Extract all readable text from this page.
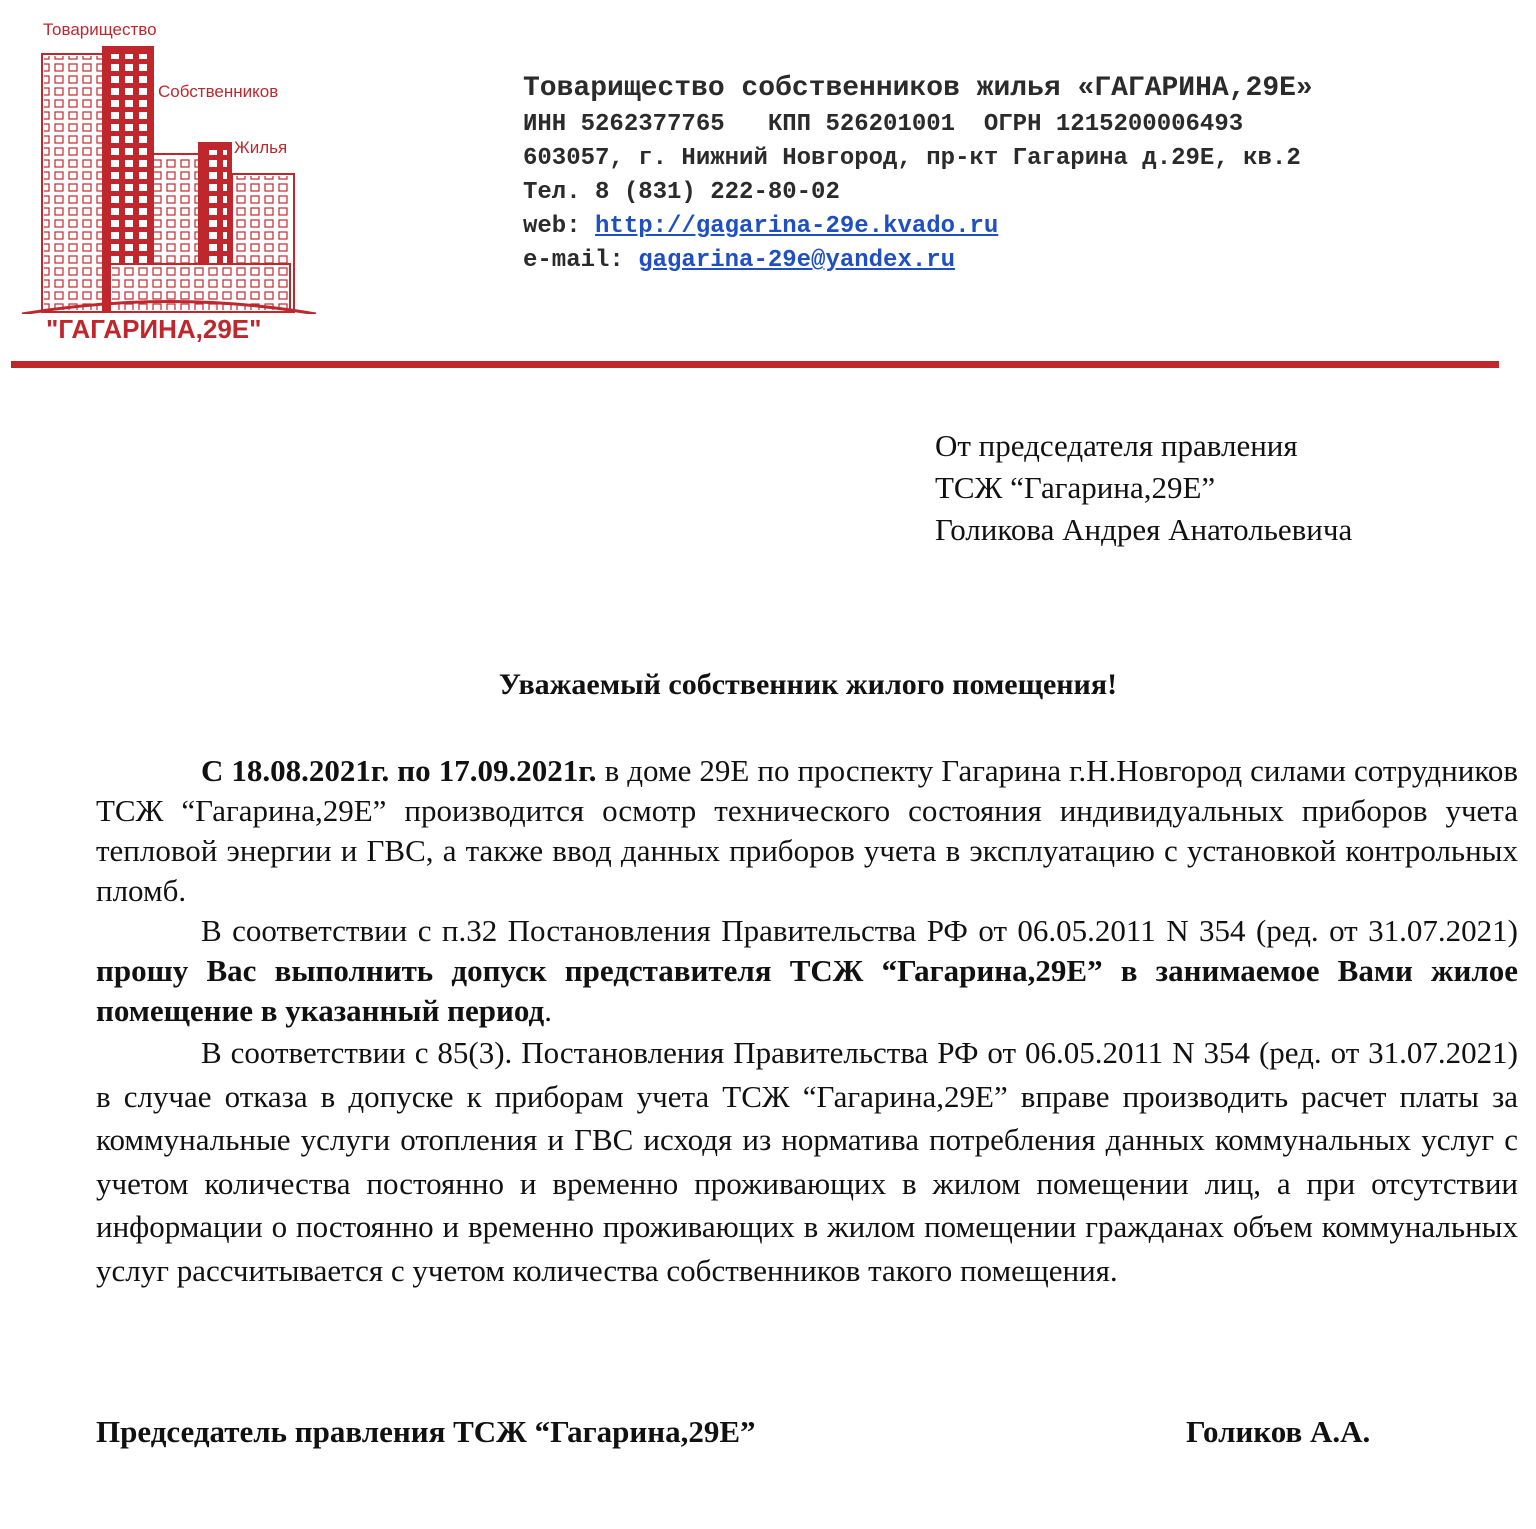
Товарищество
Собственников
Жилья
"ГАГАРИНА,29Е"
Товарищество собственников жилья «ГАГАРИНА,29Е»
ИНН 5262377765   КПП 526201001  ОГРН 1215200006493
603057, г. Нижний Новгород, пр-кт Гагарина д.29Е, кв.2
Тел. 8 (831) 222-80-02
web: http://gagarina-29e.kvado.ru
e-mail: gagarina-29e@yandex.ru
От председателя правления
ТСЖ “Гагарина,29Е”
Голикова Андрея Анатольевича
Уважаемый собственник жилого помещения!

С 18.08.2021г. по 17.09.2021г. в доме 29Е по проспекту Гагарина г.Н.Новгород силами сотрудников ТСЖ “Гагарина,29Е” производится осмотр технического состояния индивидуальных приборов учета тепловой энергии и ГВС, а также ввод данных приборов учета в эксплуатацию с установкой контрольных пломб.

В соответствии с п.32 Постановления Правительства РФ от 06.05.2011 N 354 (ред. от 31.07.2021) прошу Вас выполнить допуск представителя ТСЖ “Гагарина,29Е” в занимаемое Вами жилое помещение в указанный период.

В соответствии с 85(3). Постановления Правительства РФ от 06.05.2011 N 354 (ред. от 31.07.2021) в случае отказа в допуске к приборам учета ТСЖ “Гагарина,29Е” вправе производить расчет платы за коммунальные услуги отопления и ГВС исходя из норматива потребления данных коммунальных услуг с учетом количества постоянно и временно проживающих в жилом помещении лиц, а при отсутствии информации о постоянно и временно проживающих в жилом помещении гражданах объем коммунальных услуг рассчитывается с учетом количества собственников такого помещения.

Председатель правления ТСЖ “Гагарина,29Е”	Голиков А.А.
